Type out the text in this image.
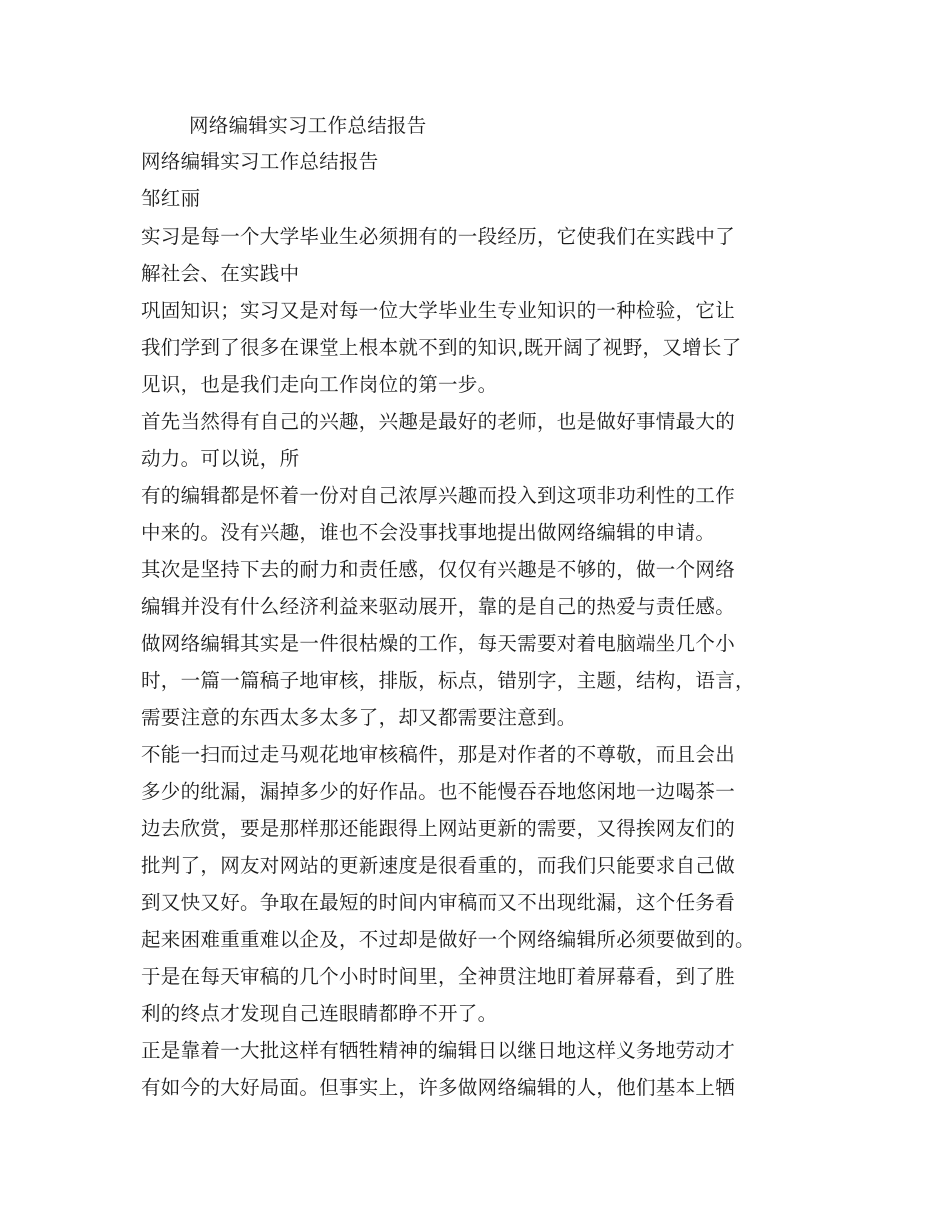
网络编辑实习工作总结报告
网络编辑实习工作总结报告
邹红丽
实习是每一个大学毕业生必须拥有的一段经历，它使我们在实践中了
解社会、在实践中
巩固知识；实习又是对每一位大学毕业生专业知识的一种检验，它让
我们学到了很多在课堂上根本就不到的知识,既开阔了视野，又增长了
见识，也是我们走向工作岗位的第一步。
首先当然得有自己的兴趣，兴趣是最好的老师，也是做好事情最大的
动力。可以说，所
有的编辑都是怀着一份对自己浓厚兴趣而投入到这项非功利性的工作
中来的。没有兴趣，谁也不会没事找事地提出做网络编辑的申请。
其次是坚持下去的耐力和责任感，仅仅有兴趣是不够的，做一个网络
编辑并没有什么经济利益来驱动展开，靠的是自己的热爱与责任感。
做网络编辑其实是一件很枯燥的工作，每天需要对着电脑端坐几个小
时，一篇一篇稿子地审核，排版，标点，错别字，主题，结构，语言，
需要注意的东西太多太多了，却又都需要注意到。
不能一扫而过走马观花地审核稿件，那是对作者的不尊敬，而且会出
多少的纰漏，漏掉多少的好作品。也不能慢吞吞地悠闲地一边喝茶一
边去欣赏，要是那样那还能跟得上网站更新的需要，又得挨网友们的
批判了，网友对网站的更新速度是很看重的，而我们只能要求自己做
到又快又好。争取在最短的时间内审稿而又不出现纰漏，这个任务看
起来困难重重难以企及，不过却是做好一个网络编辑所必须要做到的。
于是在每天审稿的几个小时时间里，全神贯注地盯着屏幕看，到了胜
利的终点才发现自己连眼睛都睁不开了。
正是靠着一大批这样有牺牲精神的编辑日以继日地这样义务地劳动才
有如今的大好局面。但事实上，许多做网络编辑的人，他们基本上牺
